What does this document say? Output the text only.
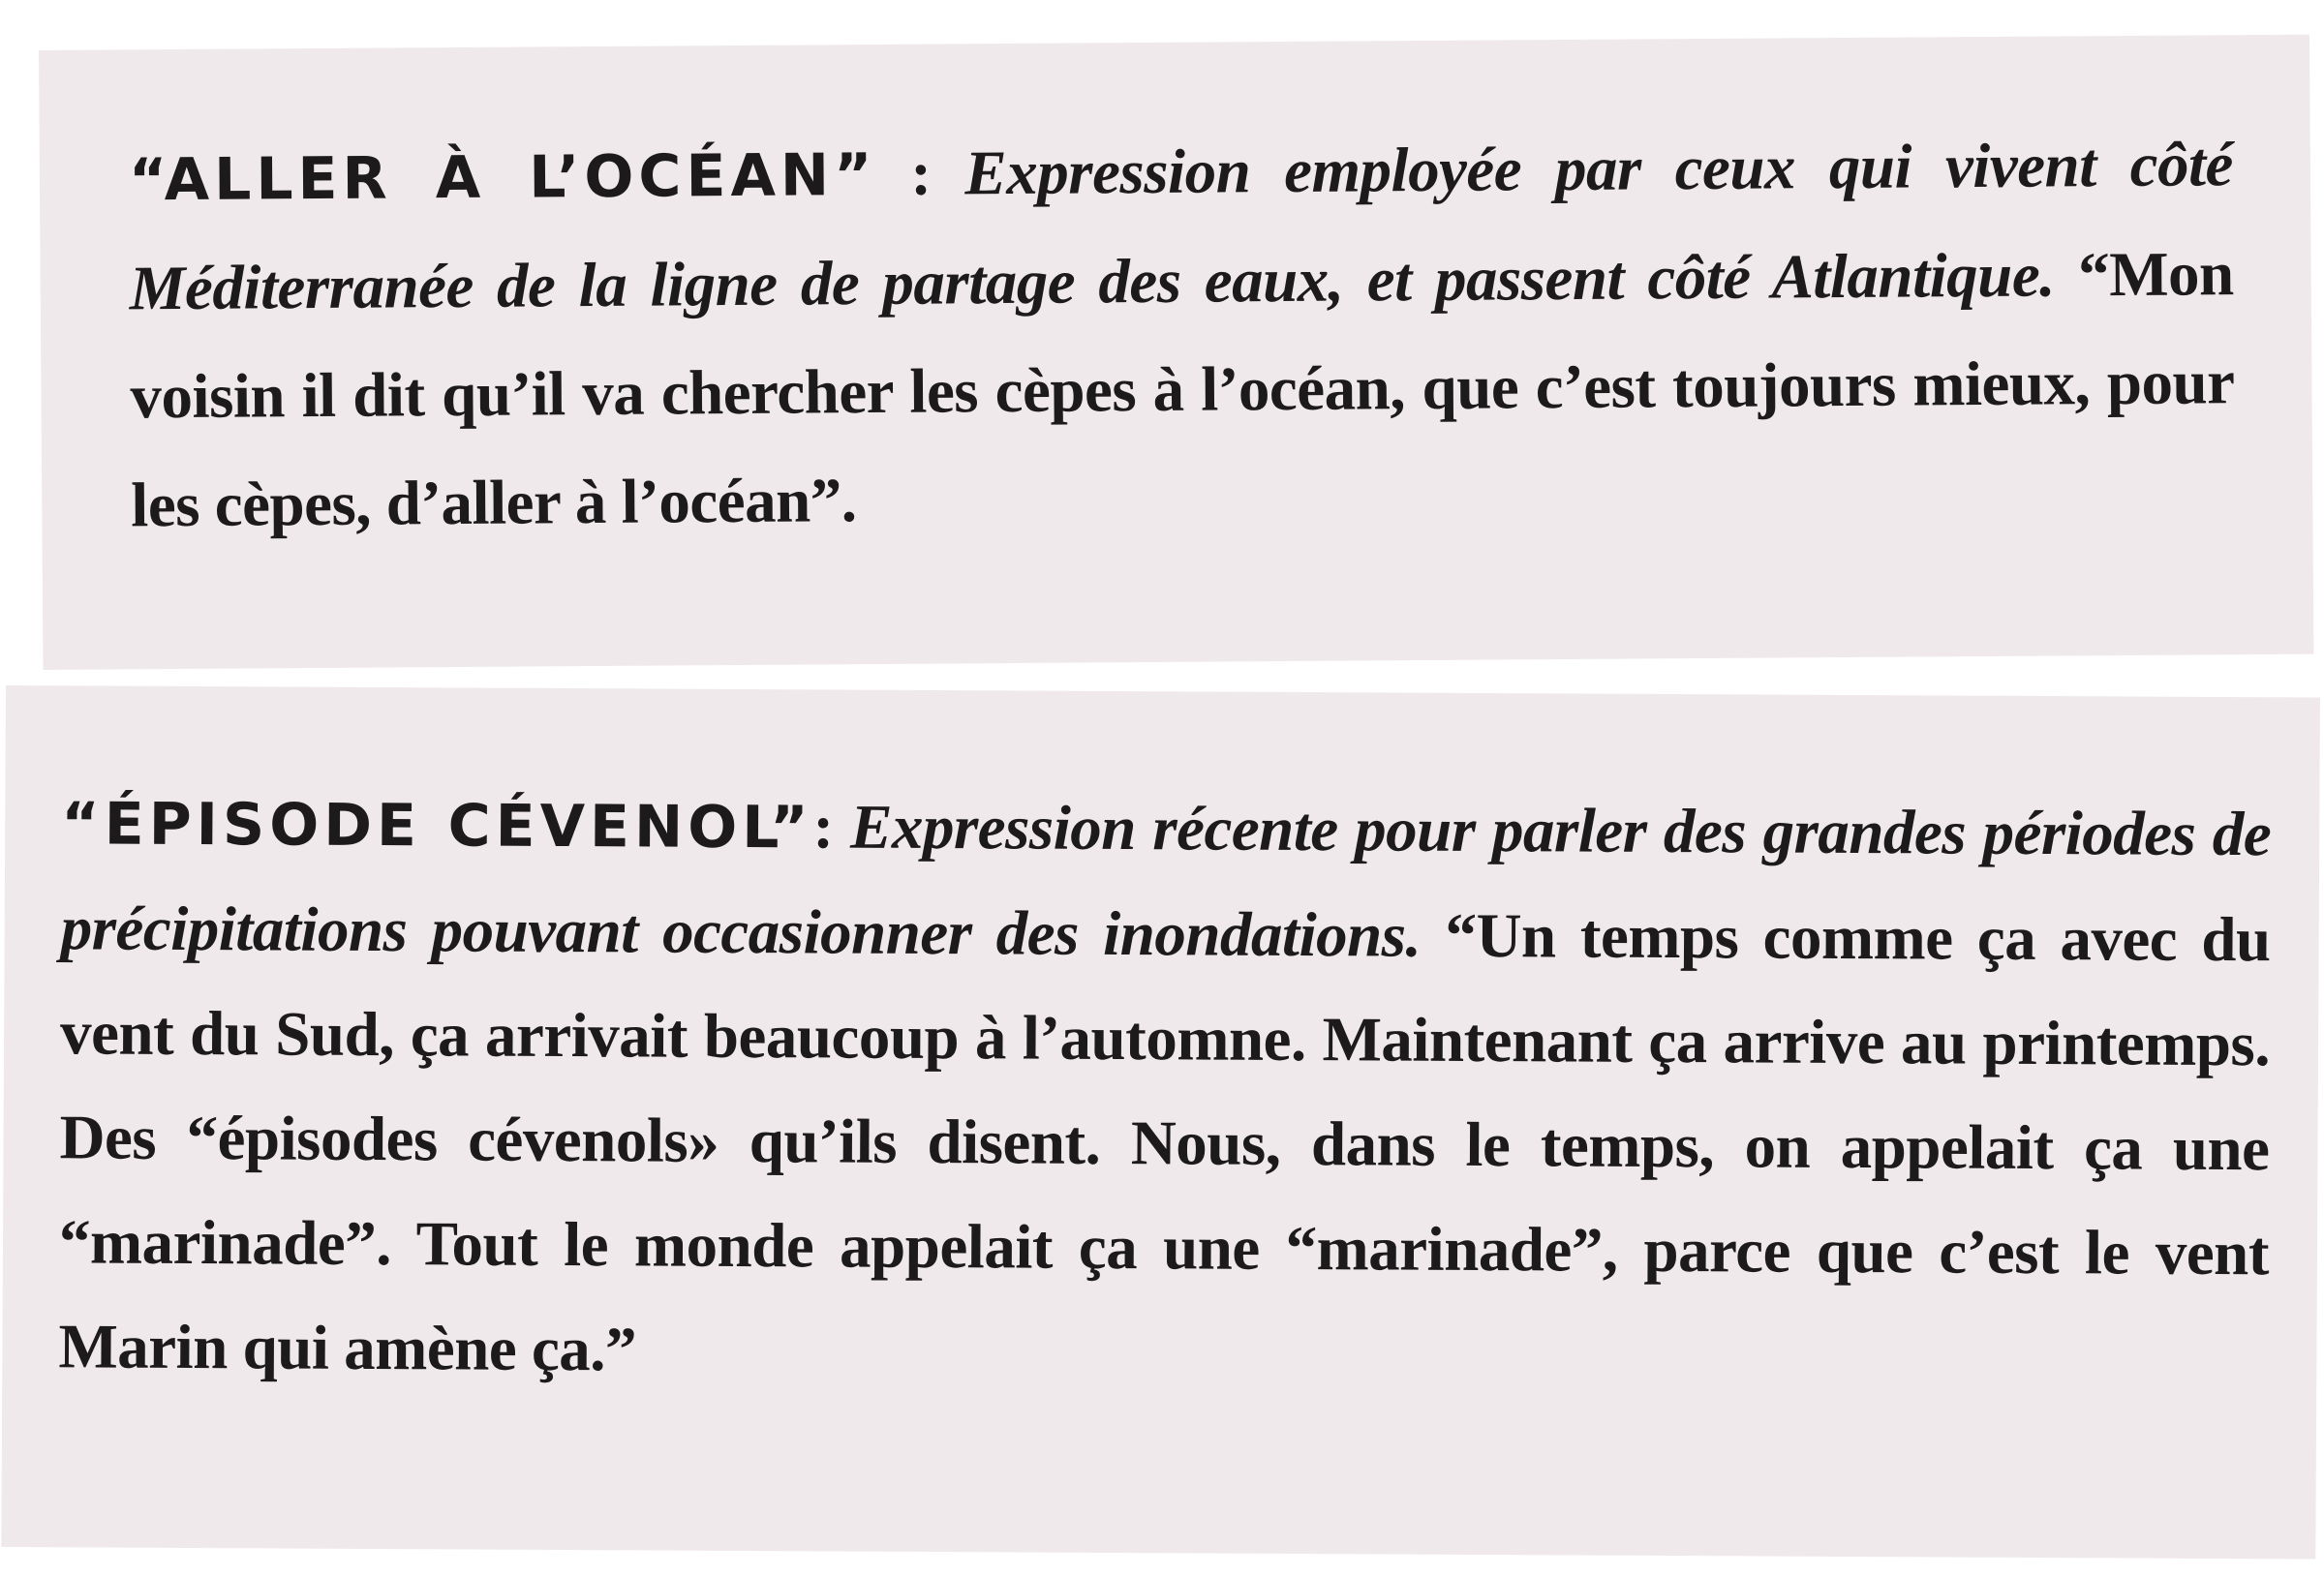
“ALLER À L’OCÉAN” : Expression employée par ceux qui vivent côté Méditerranée de la ligne de partage des eaux, et passent côté Atlantique. “Mon voisin il dit qu’il va chercher les cèpes à l’océan, que c’est toujours mieux, pour les cèpes, d’aller à l’océan”.

“ÉPISODE CÉVENOL”: Expression récente pour parler des grandes périodes de précipitations pouvant occasionner des inondations. “Un temps comme ça avec du vent du Sud, ça arrivait beaucoup à l’automne. Maintenant ça arrive au printemps. Des “épisodes cévenols» qu’ils disent. Nous, dans le temps, on appelait ça une “marinade”. Tout le monde appelait ça une “marinade”, parce que c’est le vent Marin qui amène ça.”
